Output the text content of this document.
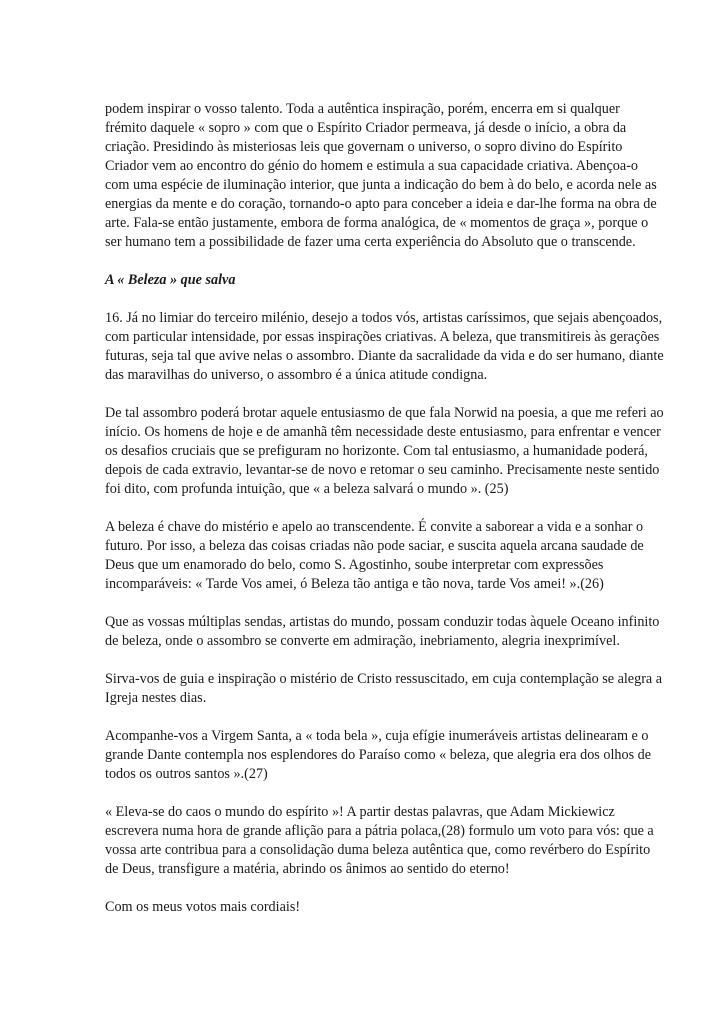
podem inspirar o vosso talento. Toda a autêntica inspiração, porém, encerra em si qualquer frémito daquele « sopro » com que o Espírito Criador permeava, já desde o início, a obra da criação. Presidindo às misteriosas leis que governam o universo, o sopro divino do Espírito Criador vem ao encontro do génio do homem e estimula a sua capacidade criativa. Abençoa-o com uma espécie de iluminação interior, que junta a indicação do bem à do belo, e acorda nele as energias da mente e do coração, tornando-o apto para conceber a ideia e dar-lhe forma na obra de arte. Fala-se então justamente, embora de forma analógica, de « momentos de graça », porque o ser humano tem a possibilidade de fazer uma certa experiência do Absoluto que o transcende.

A « Beleza » que salva

16. Já no limiar do terceiro milénio, desejo a todos vós, artistas caríssimos, que sejais abençoados, com particular intensidade, por essas inspirações criativas. A beleza, que transmitireis às gerações futuras, seja tal que avive nelas o assombro. Diante da sacralidade da vida e do ser humano, diante das maravilhas do universo, o assombro é a única atitude condigna.

De tal assombro poderá brotar aquele entusiasmo de que fala Norwid na poesia, a que me referi ao início. Os homens de hoje e de amanhã têm necessidade deste entusiasmo, para enfrentar e vencer os desafios cruciais que se prefiguram no horizonte. Com tal entusiasmo, a humanidade poderá, depois de cada extravio, levantar-se de novo e retomar o seu caminho. Precisamente neste sentido foi dito, com profunda intuição, que « a beleza salvará o mundo ». (25)

A beleza é chave do mistério e apelo ao transcendente. É convite a saborear a vida e a sonhar o futuro. Por isso, a beleza das coisas criadas não pode saciar, e suscita aquela arcana saudade de Deus que um enamorado do belo, como S. Agostinho, soube interpretar com expressões incomparáveis: « Tarde Vos amei, ó Beleza tão antiga e tão nova, tarde Vos amei! ».(26)

Que as vossas múltiplas sendas, artistas do mundo, possam conduzir todas àquele Oceano infinito de beleza, onde o assombro se converte em admiração, inebriamento, alegria inexprimível.

Sirva-vos de guia e inspiração o mistério de Cristo ressuscitado, em cuja contemplação se alegra a Igreja nestes dias.

Acompanhe-vos a Virgem Santa, a « toda bela », cuja efígie inumeráveis artistas delinearam e o grande Dante contempla nos esplendores do Paraíso como « beleza, que alegria era dos olhos de todos os outros santos ».(27)

« Eleva-se do caos o mundo do espírito »! A partir destas palavras, que Adam Mickiewicz escrevera numa hora de grande aflição para a pátria polaca,(28) formulo um voto para vós: que a vossa arte contribua para a consolidação duma beleza autêntica que, como revérbero do Espírito de Deus, transfigure a matéria, abrindo os ânimos ao sentido do eterno!

Com os meus votos mais cordiais!
